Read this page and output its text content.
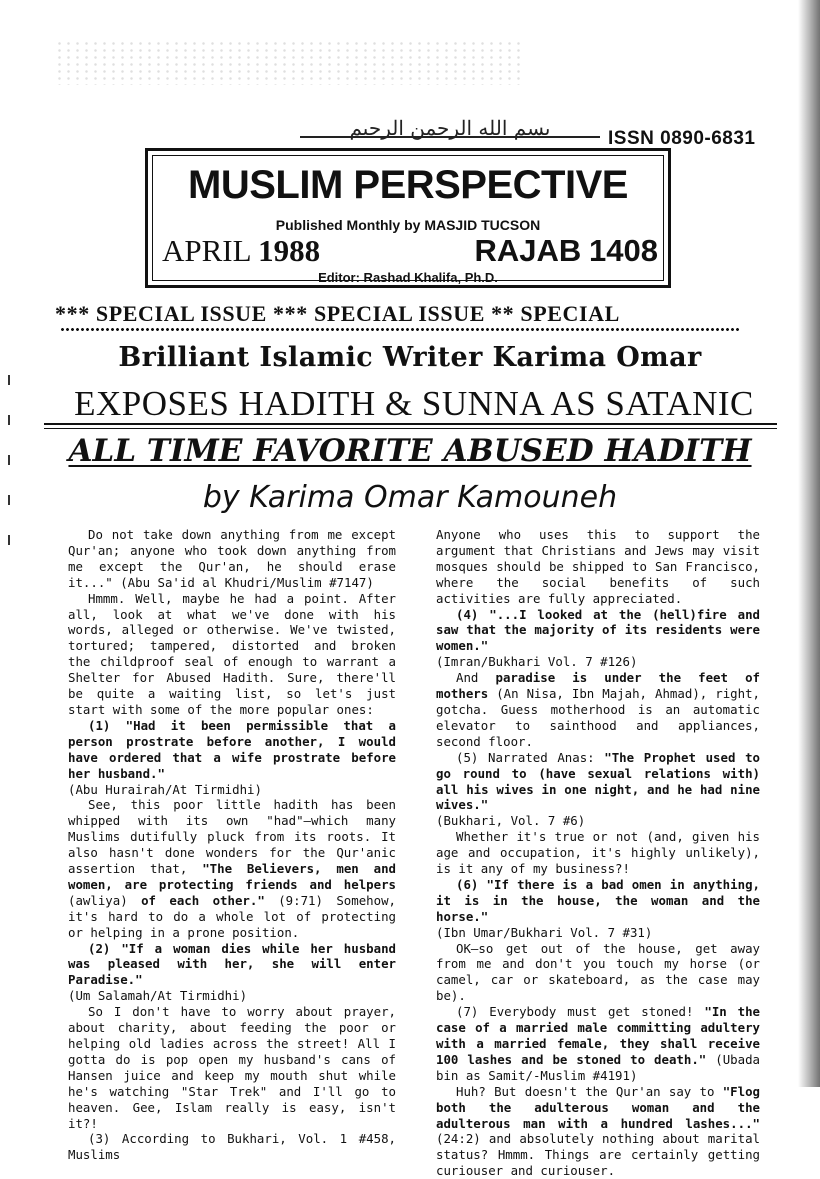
بسم الله الرحمن الرحيم	ISSN 0890-6831
MUSLIM PERSPECTIVE
Published Monthly by MASJID TUCSON
APRIL 1988	RAJAB 1408
Editor: Rashad Khalifa, Ph.D.
*** SPECIAL ISSUE *** SPECIAL ISSUE ** SPECIAL
Brilliant Islamic Writer Karima Omar
EXPOSES HADITH & SUNNA AS SATANIC
ALL TIME FAVORITE ABUSED HADITH
by Karima Omar Kamouneh

Do not take down anything from me except Qur'an; anyone who took down anything from me except the Qur'an, he should erase it..." (Abu Sa'id al Khudri/Muslim #7147)

Hmmm. Well, maybe he had a point. After all, look at what we've done with his words, alleged or otherwise. We've twisted, tortured; tampered, distorted and broken the childproof seal of enough to warrant a Shelter for Abused Hadith. Sure, there'll be quite a waiting list, so let's just start with some of the more popular ones:

(1) "Had it been permissible that a person prostrate before another, I would have ordered that a wife prostrate before her husband."

(Abu Hurairah/At Tirmidhi)

See, this poor little hadith has been whipped with its own "had"—which many Muslims dutifully pluck from its roots. It also hasn't done wonders for the Qur'anic assertion that, "The Believers, men and women, are protecting friends and helpers (awliya) of each other." (9:71) Somehow, it's hard to do a whole lot of protecting or helping in a prone position.

(2) "If a woman dies while her husband was pleased with her, she will enter Paradise."

(Um Salamah/At Tirmidhi)

So I don't have to worry about prayer, about charity, about feeding the poor or helping old ladies across the street! All I gotta do is pop open my husband's cans of Hansen juice and keep my mouth shut while he's watching "Star Trek" and I'll go to heaven. Gee, Islam really is easy, isn't it?!

(3) According to Bukhari, Vol. 1 #458, Muslims

Anyone who uses this to support the argument that Christians and Jews may visit mosques should be shipped to San Francisco, where the social benefits of such activities are fully appreciated.

(4) "...I looked at the (hell)fire and saw that the majority of its residents were women."

(Imran/Bukhari Vol. 7 #126)

And paradise is under the feet of mothers (An Nisa, Ibn Majah, Ahmad), right, gotcha. Guess motherhood is an automatic elevator to sainthood and appliances, second floor.

(5) Narrated Anas: "The Prophet used to go round to (have sexual relations with) all his wives in one night, and he had nine wives."

(Bukhari, Vol. 7 #6)

Whether it's true or not (and, given his age and occupation, it's highly unlikely), is it any of my business?!

(6) "If there is a bad omen in anything, it is in the house, the woman and the horse."

(Ibn Umar/Bukhari Vol. 7 #31)

OK—so get out of the house, get away from me and don't you touch my horse (or camel, car or skateboard, as the case may be).

(7) Everybody must get stoned! "In the case of a married male committing adultery with a married female, they shall receive 100 lashes and be stoned to death." (Ubada bin as Samit/-Muslim #4191)

Huh? But doesn't the Qur'an say to "Flog both the adulterous woman and the adulterous man with a hundred lashes..." (24:2) and absolutely nothing about marital status? Hmmm. Things are certainly getting curiouser and curiouser.
